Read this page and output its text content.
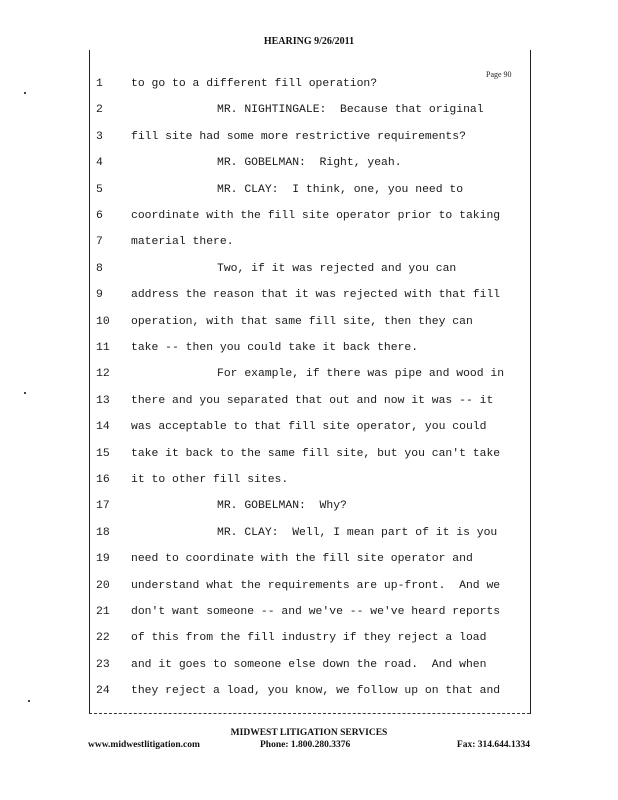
HEARING 9/26/2011
Page 90
1	to go to a different fill operation?
2	MR. NIGHTINGALE:  Because that original
3	fill site had some more restrictive requirements?
4	MR. GOBELMAN:  Right, yeah.
5	MR. CLAY:  I think, one, you need to
6	coordinate with the fill site operator prior to taking
7	material there.
8	Two, if it was rejected and you can
9	address the reason that it was rejected with that fill
10	operation, with that same fill site, then they can
11	take -- then you could take it back there.
12	For example, if there was pipe and wood in
13	there and you separated that out and now it was -- it
14	was acceptable to that fill site operator, you could
15	take it back to the same fill site, but you can't take
16	it to other fill sites.
17	MR. GOBELMAN:  Why?
18	MR. CLAY:  Well, I mean part of it is you
19	need to coordinate with the fill site operator and
20	understand what the requirements are up-front.  And we
21	don't want someone -- and we've -- we've heard reports
22	of this from the fill industry if they reject a load
23	and it goes to someone else down the road.  And when
24	they reject a load, you know, we follow up on that and
MIDWEST LITIGATION SERVICES
www.midwestlitigation.com	Phone: 1.800.280.3376	Fax: 314.644.1334
